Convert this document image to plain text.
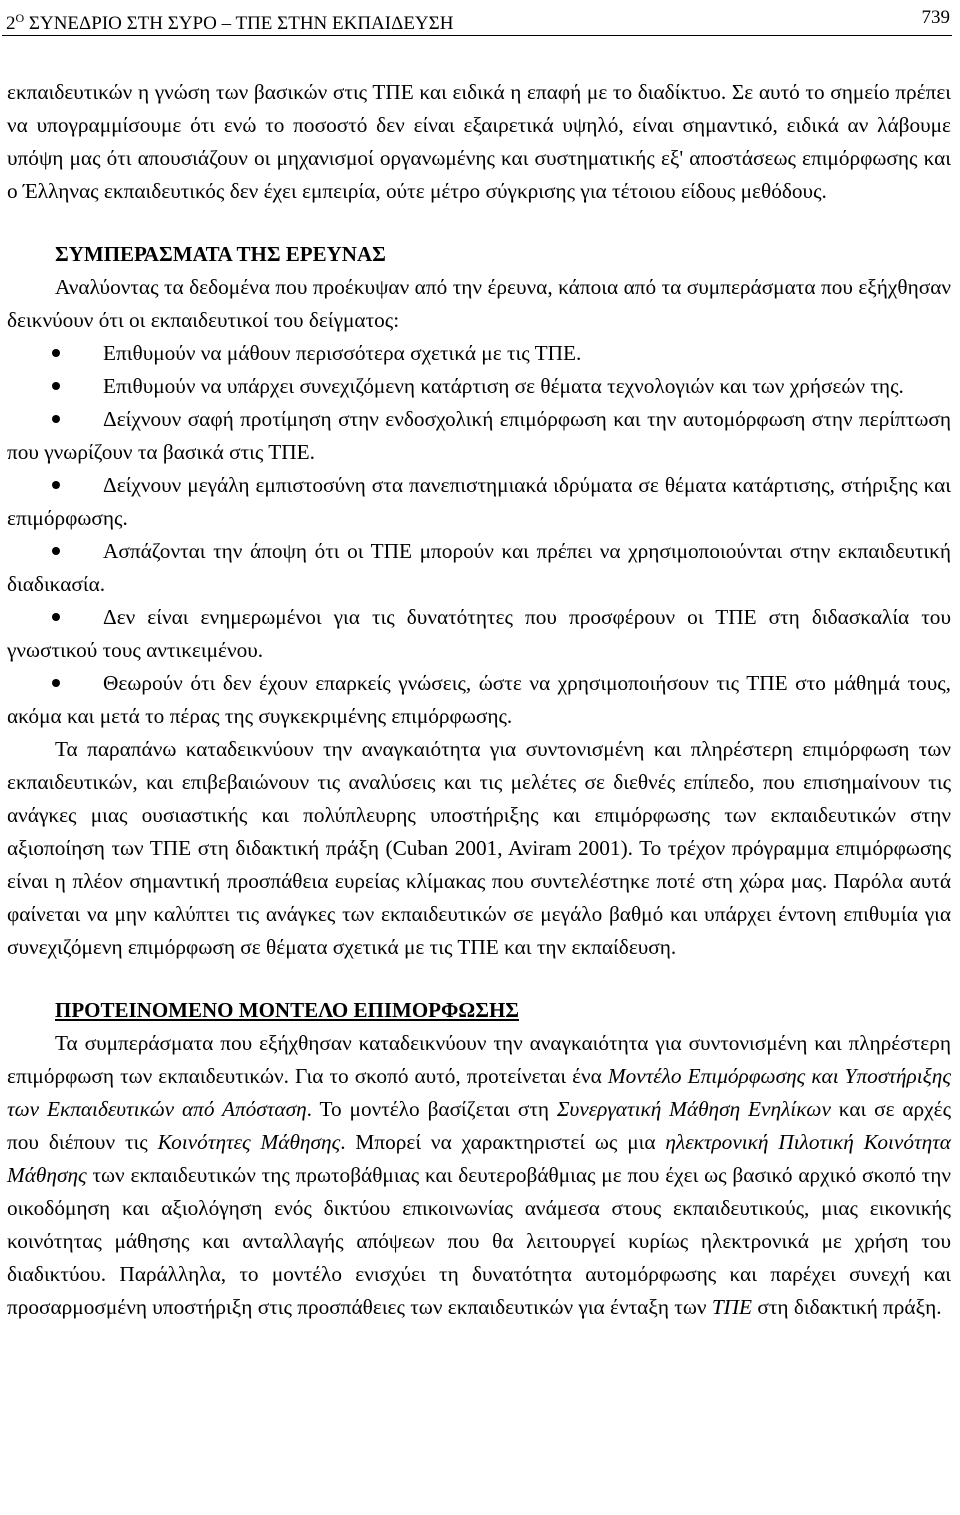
$2^O$ ΣΥΝΕΔΡΙΟ ΣΤΗ ΣΥΡΟ – ΤΠΕ ΣΤΗΝ ΕΚΠΑΙΔΕΥΣΗ	739

εκπαιδευτικών η γνώση των βασικών στις ΤΠΕ και ειδικά η επαφή με το διαδίκτυο. Σε αυτό το σημείο πρέπει να υπογραμμίσουμε ότι ενώ το ποσοστό δεν είναι εξαιρετικά υψηλό, είναι σημαντικό, ειδικά αν λάβουμε υπόψη μας ότι απουσιάζουν οι μηχανισμοί οργανωμένης και συστηματικής εξ' αποστάσεως επιμόρφωσης και ο Έλληνας εκπαιδευτικός δεν έχει εμπειρία, ούτε μέτρο σύγκρισης για τέτοιου είδους μεθόδους.

ΣΥΜΠΕΡΑΣΜΑΤΑ ΤΗΣ ΕΡΕΥΝΑΣ

Αναλύοντας τα δεδομένα που προέκυψαν από την έρευνα, κάποια από τα συμπεράσματα που εξήχθησαν δεικνύουν ότι οι εκπαιδευτικοί του δείγματος:

Επιθυμούν να μάθουν περισσότερα σχετικά με τις ΤΠΕ.
Επιθυμούν να υπάρχει συνεχιζόμενη κατάρτιση σε θέματα τεχνολογιών και των χρήσεών της.
Δείχνουν σαφή προτίμηση στην ενδοσχολική επιμόρφωση και την αυτομόρφωση στην περίπτωση που γνωρίζουν τα βασικά στις ΤΠΕ.
Δείχνουν μεγάλη εμπιστοσύνη στα πανεπιστημιακά ιδρύματα σε θέματα κατάρτισης, στήριξης και επιμόρφωσης.
Ασπάζονται την άποψη ότι οι ΤΠΕ μπορούν και πρέπει να χρησιμοποιούνται στην εκπαιδευτική διαδικασία.
Δεν είναι ενημερωμένοι για τις δυνατότητες που προσφέρουν οι ΤΠΕ στη διδασκαλία του γνωστικού τους αντικειμένου.
Θεωρούν ότι δεν έχουν επαρκείς γνώσεις, ώστε να χρησιμοποιήσουν τις ΤΠΕ στο μάθημά τους, ακόμα και μετά το πέρας της συγκεκριμένης επιμόρφωσης.

Τα παραπάνω καταδεικνύουν την αναγκαιότητα για συντονισμένη και πληρέστερη επιμόρφωση των εκπαιδευτικών, και επιβεβαιώνουν τις αναλύσεις και τις μελέτες σε διεθνές επίπεδο, που επισημαίνουν τις ανάγκες μιας ουσιαστικής και πολύπλευρης υποστήριξης και επιμόρφωσης των εκπαιδευτικών στην αξιοποίηση των ΤΠΕ στη διδακτική πράξη (Cuban 2001, Aviram 2001). Το τρέχον πρόγραμμα επιμόρφωσης είναι η πλέον σημαντική προσπάθεια ευρείας κλίμακας που συντελέστηκε ποτέ στη χώρα μας. Παρόλα αυτά φαίνεται να μην καλύπτει τις ανάγκες των εκπαιδευτικών σε μεγάλο βαθμό και υπάρχει έντονη επιθυμία για συνεχιζόμενη επιμόρφωση σε θέματα σχετικά με τις ΤΠΕ και την εκπαίδευση.

ΠΡΟΤΕΙΝΟΜΕΝΟ ΜΟΝΤΕΛΟ ΕΠΙΜΟΡΦΩΣΗΣ

Τα συμπεράσματα που εξήχθησαν καταδεικνύουν την αναγκαιότητα για συντονισμένη και πληρέστερη επιμόρφωση των εκπαιδευτικών. Για το σκοπό αυτό, προτείνεται ένα Μοντέλο Επιμόρφωσης και Υποστήριξης των Εκπαιδευτικών από Απόσταση. Το μοντέλο βασίζεται στη Συνεργατική Μάθηση Ενηλίκων και σε αρχές που διέπουν τις Κοινότητες Μάθησης. Μπορεί να χαρακτηριστεί ως μια ηλεκτρονική Πιλοτική Κοινότητα Μάθησης των εκπαιδευτικών της πρωτοβάθμιας και δευτεροβάθμιας με που έχει ως βασικό αρχικό σκοπό την οικοδόμηση και αξιολόγηση ενός δικτύου επικοινωνίας ανάμεσα στους εκπαιδευτικούς, μιας εικονικής κοινότητας μάθησης και ανταλλαγής απόψεων που θα λειτουργεί κυρίως ηλεκτρονικά με χρήση του διαδικτύου. Παράλληλα, το μοντέλο ενισχύει τη δυνατότητα αυτομόρφωσης και παρέχει συνεχή και προσαρμοσμένη υποστήριξη στις προσπάθειες των εκπαιδευτικών για ένταξη των ΤΠΕ στη διδακτική πράξη.
